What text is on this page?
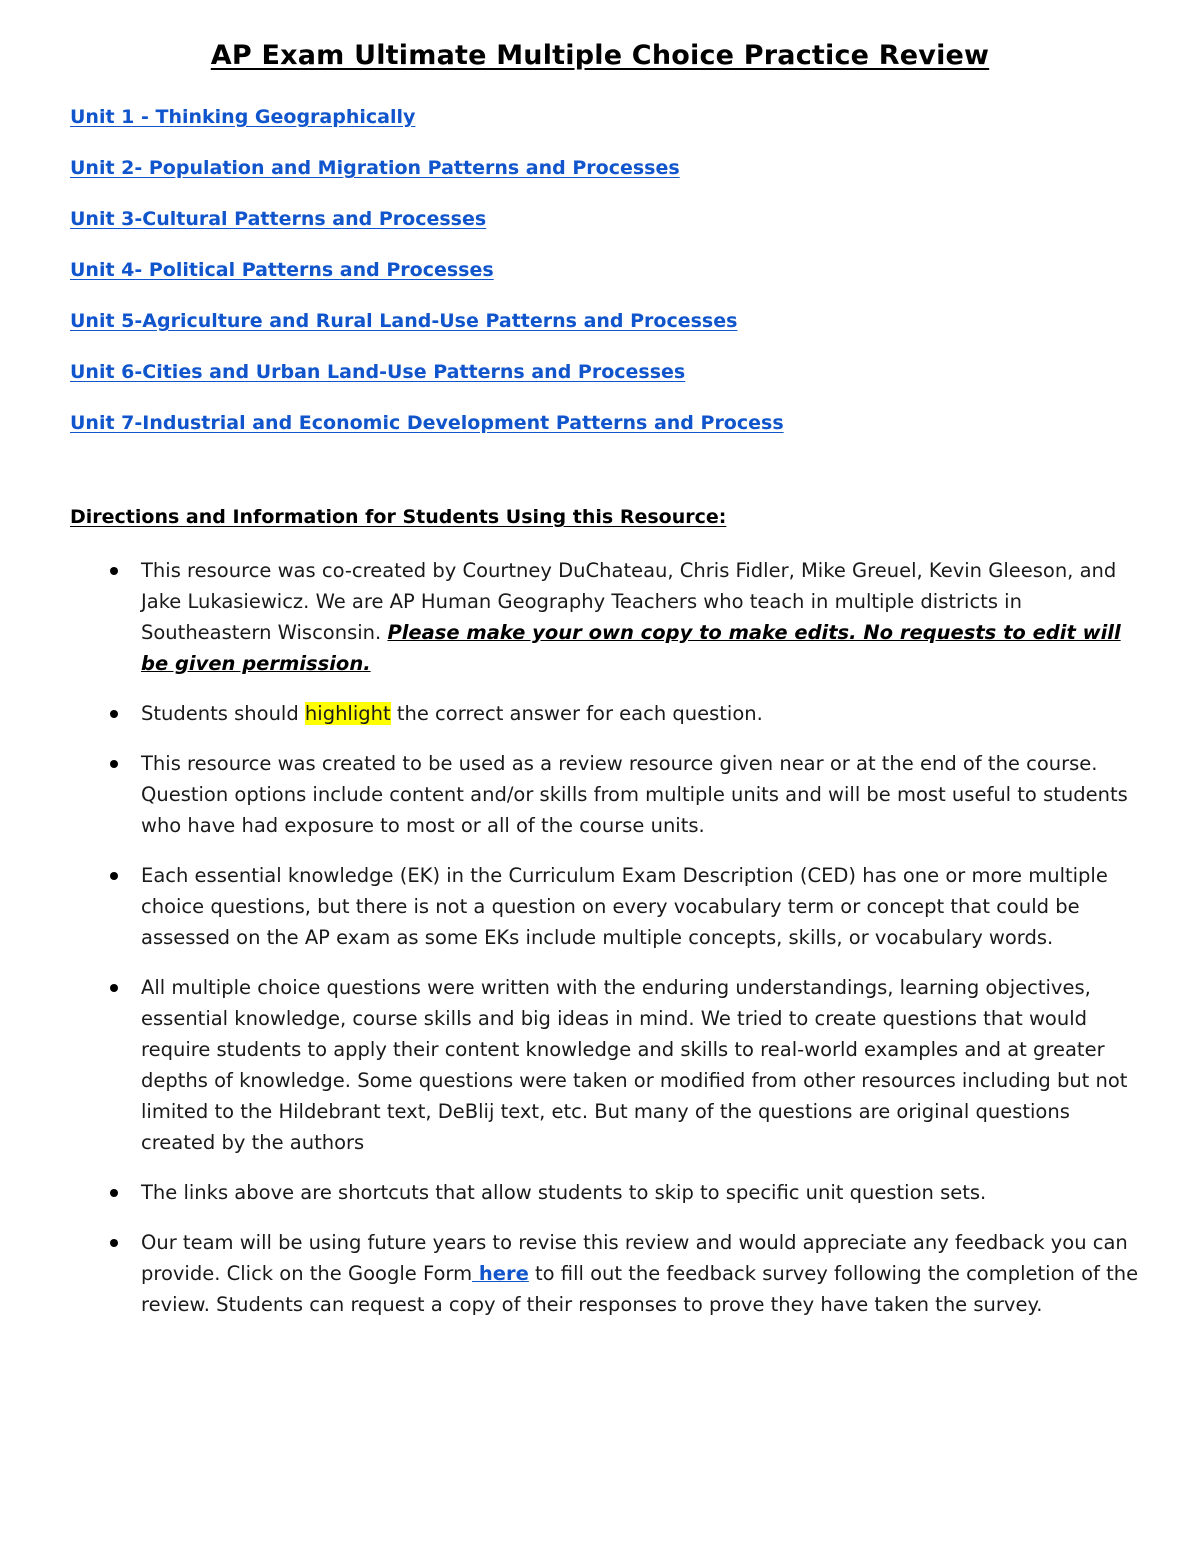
AP Exam Ultimate Multiple Choice Practice Review
Unit 1 - Thinking Geographically
Unit 2- Population and Migration Patterns and Processes
Unit 3-Cultural Patterns and Processes
Unit 4- Political Patterns and Processes
Unit 5-Agriculture and Rural Land-Use Patterns and Processes
Unit 6-Cities and Urban Land-Use Patterns and Processes
Unit 7-Industrial and Economic Development Patterns and Process
Directions and Information for Students Using this Resource:
This resource was co-created by Courtney DuChateau, Chris Fidler, Mike Greuel, Kevin Gleeson, and Jake Lukasiewicz. We are AP Human Geography Teachers who teach in multiple districts in Southeastern Wisconsin. Please make your own copy to make edits. No requests to edit will be given permission.
Students should highlight the correct answer for each question.
This resource was created to be used as a review resource given near or at the end of the course. Question options include content and/or skills from multiple units and will be most useful to students who have had exposure to most or all of the course units.
Each essential knowledge (EK) in the Curriculum Exam Description (CED) has one or more multiple choice questions, but there is not a question on every vocabulary term or concept that could be assessed on the AP exam as some EKs include multiple concepts, skills, or vocabulary words.
All multiple choice questions were written with the enduring understandings, learning objectives, essential knowledge, course skills and big ideas in mind. We tried to create questions that would require students to apply their content knowledge and skills to real-world examples and at greater depths of knowledge. Some questions were taken or modified from other resources including but not limited to the Hildebrant text, DeBlij text, etc. But many of the questions are original questions created by the authors
The links above are shortcuts that allow students to skip to specific unit question sets.
Our team will be using future years to revise this review and would appreciate any feedback you can provide. Click on the Google Form here to fill out the feedback survey following the completion of the review. Students can request a copy of their responses to prove they have taken the survey.
